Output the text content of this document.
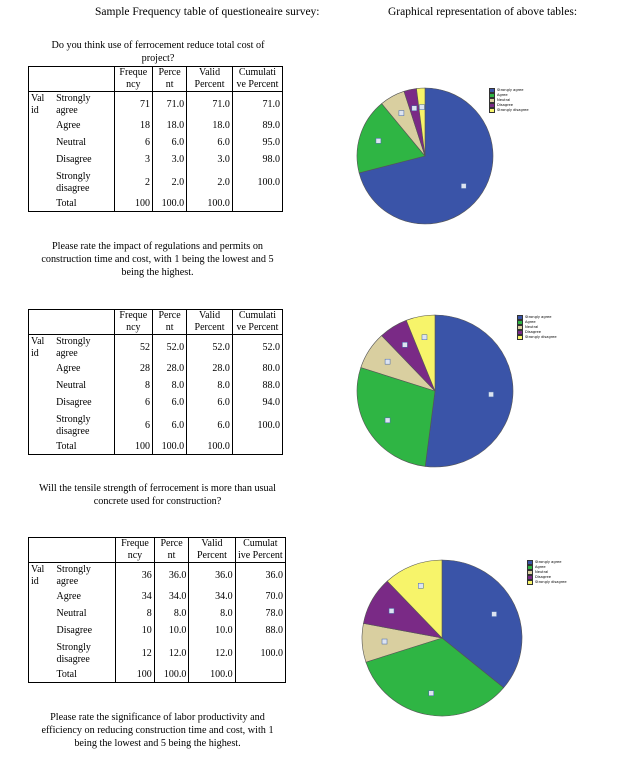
Sample Frequency table of questioneaire survey:	Graphical representation of above tables:
Do you think use of ferrocement reduce total cost of project?
		Freque ncy	Perce nt	Valid Percent	Cumulati ve Percent
Val id	Strongly agree	71	71.0	71.0	71.0
	Agree	18	18.0	18.0	89.0
	Neutral	6	6.0	6.0	95.0
	Disagree	3	3.0	3.0	98.0
	Strongly disagree	2	2.0	2.0	100.0
	Total	100	100.0	100.0	
Please rate the impact of regulations and permits on construction time and cost, with 1 being the lowest and 5 being the highest.
		Freque ncy	Perce nt	Valid Percent	Cumulati ve Percent
Val id	Strongly agree	52	52.0	52.0	52.0
	Agree	28	28.0	28.0	80.0
	Neutral	8	8.0	8.0	88.0
	Disagree	6	6.0	6.0	94.0
	Strongly disagree	6	6.0	6.0	100.0
	Total	100	100.0	100.0	
Will the tensile strength of ferrocement is more than usual concrete used for construction?
		Freque ncy	Perce nt	Valid Percent	Cumulat ive Percent
Val id	Strongly agree	36	36.0	36.0	36.0
	Agree	34	34.0	34.0	70.0
	Neutral	8	8.0	8.0	78.0
	Disagree	10	10.0	10.0	88.0
	Strongly disagree	12	12.0	12.0	100.0
	Total	100	100.0	100.0	
Please rate the significance of labor productivity and efficiency on reducing construction time and cost, with 1 being the lowest and 5 being the highest.
Strongly agree
Agree
Neutral
Disagree
Strongly disagree
Strongly agree
Agree
Neutral
Disagree
Strongly disagree
Strongly agree
Agree
Neutral
Disagree
Strongly disagree
